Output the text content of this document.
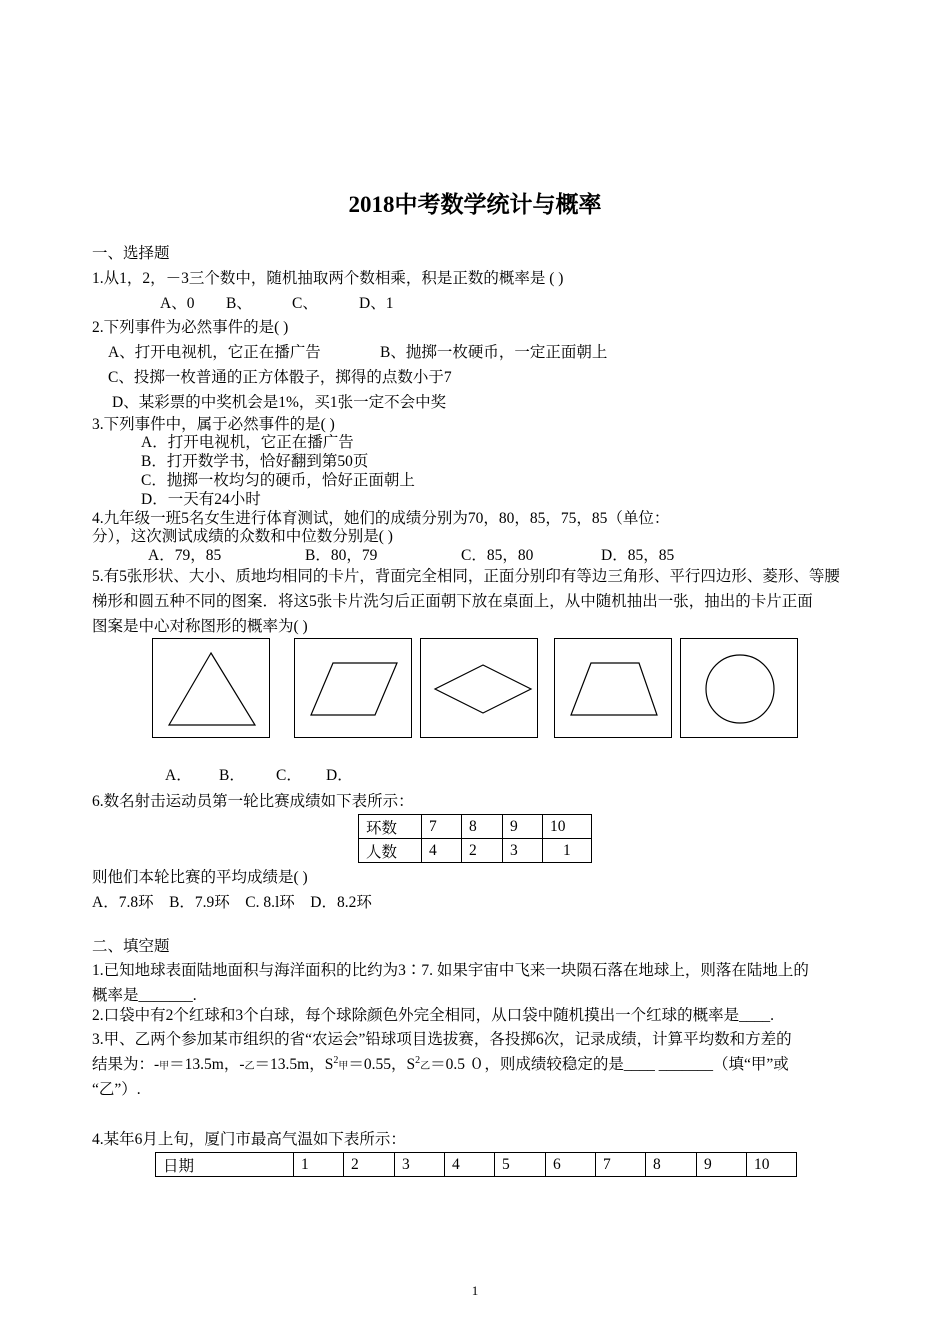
2018中考数学统计与概率
一、选择题
1.从1，2，－3三个数中，随机抽取两个数相乘，积是正数的概率是 ( )
A、0 B、	C、	D、1
2.下列事件为必然事件的是( )
A、打开电视机，它正在播广告	B、抛掷一枚硬币，一定正面朝上
C、投掷一枚普通的正方体骰子，掷得的点数小于7
D、某彩票的中奖机会是1%，买1张一定不会中奖
3.下列事件中，属于必然事件的是( )
A．打开电视机，它正在播广告
B．打开数学书，恰好翻到第50页
C．抛掷一枚均匀的硬币，恰好正面朝上
D．一天有24小时
4.九年级一班5名女生进行体育测试，她们的成绩分别为70，80，85，75，85（单位：
分），这次测试成绩的众数和中位数分别是( )
A．79，85	B．80，79	C．85，80	D．85，85
5.有5张形状、大小、质地均相同的卡片，背面完全相同，正面分别印有等边三角形、平行四边形、菱形、等腰
梯形和圆五种不同的图案．将这5张卡片洗匀后正面朝下放在桌面上，从中随机抽出一张，抽出的卡片正面
图案是中心对称图形的概率为( )
A． B． C． D．
6.数名射击运动员第一轮比赛成绩如下表所示：
环数	7	8	9	10
人数	4	2	3	1
则他们本轮比赛的平均成绩是( )
A．7.8环　B．7.9环　C. 8.l环　D．8.2环
二、填空题
1.已知地球表面陆地面积与海洋面积的比约为3∶7. 如果宇宙中飞来一块陨石落在地球上，则落在陆地上的
概率是_______.
2.口袋中有2个红球和3个白球，每个球除颜色外完全相同，从口袋中随机摸出一个红球的概率是____.
3.甲、乙两个参加某市组织的省“农运会”铅球项目选拔赛，各投掷6次，记录成绩，计算平均数和方差的
结果为：-甲＝13.5m，-乙＝13.5m，$S^2$甲＝0.55，$S^2$乙＝0.5 ０，则成绩较稳定的是____ _______（填“甲”或
“乙”）.
4.某年6月上旬，厦门市最高气温如下表所示：
日期	1	2	3	4	5	6	7	8	9	10
1
